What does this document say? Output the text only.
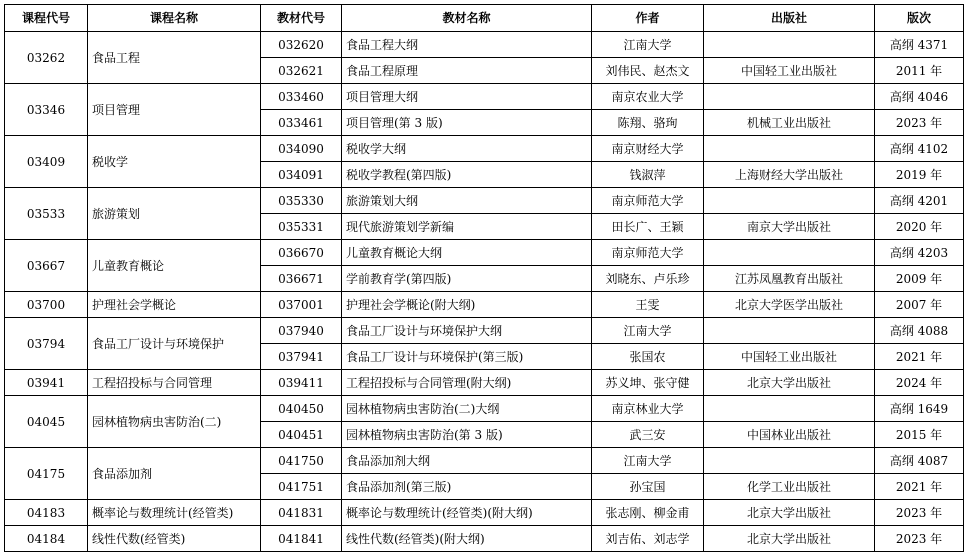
课程代号	课程名称	教材代号	教材名称	作者	出版社	版次
03262	食品工程	032620	食品工程大纲	江南大学		高纲 4371
		032621	食品工程原理	刘伟民、赵杰文	中国轻工业出版社	2011 年
03346	项目管理	033460	项目管理大纲	南京农业大学		高纲 4046
		033461	项目管理(第 3 版)	陈翔、骆珣	机械工业出版社	2023 年
03409	税收学	034090	税收学大纲	南京财经大学		高纲 4102
		034091	税收学教程(第四版)	钱淑萍	上海财经大学出版社	2019 年
03533	旅游策划	035330	旅游策划大纲	南京师范大学		高纲 4201
		035331	现代旅游策划学新编	田长广、王颖	南京大学出版社	2020 年
03667	儿童教育概论	036670	儿童教育概论大纲	南京师范大学		高纲 4203
		036671	学前教育学(第四版)	刘晓东、卢乐珍	江苏凤凰教育出版社	2009 年
03700	护理社会学概论	037001	护理社会学概论(附大纲)	王雯	北京大学医学出版社	2007 年
03794	食品工厂设计与环境保护	037940	食品工厂设计与环境保护大纲	江南大学		高纲 4088
		037941	食品工厂设计与环境保护(第三版)	张国农	中国轻工业出版社	2021 年
03941	工程招投标与合同管理	039411	工程招投标与合同管理(附大纲)	苏义坤、张守健	北京大学出版社	2024 年
04045	园林植物病虫害防治(二)	040450	园林植物病虫害防治(二)大纲	南京林业大学		高纲 1649
		040451	园林植物病虫害防治(第 3 版)	武三安	中国林业出版社	2015 年
04175	食品添加剂	041750	食品添加剂大纲	江南大学		高纲 4087
		041751	食品添加剂(第三版)	孙宝国	化学工业出版社	2021 年
04183	概率论与数理统计(经管类)	041831	概率论与数理统计(经管类)(附大纲)	张志刚、柳金甫	北京大学出版社	2023 年
04184	线性代数(经管类)	041841	线性代数(经管类)(附大纲)	刘吉佑、刘志学	北京大学出版社	2023 年
